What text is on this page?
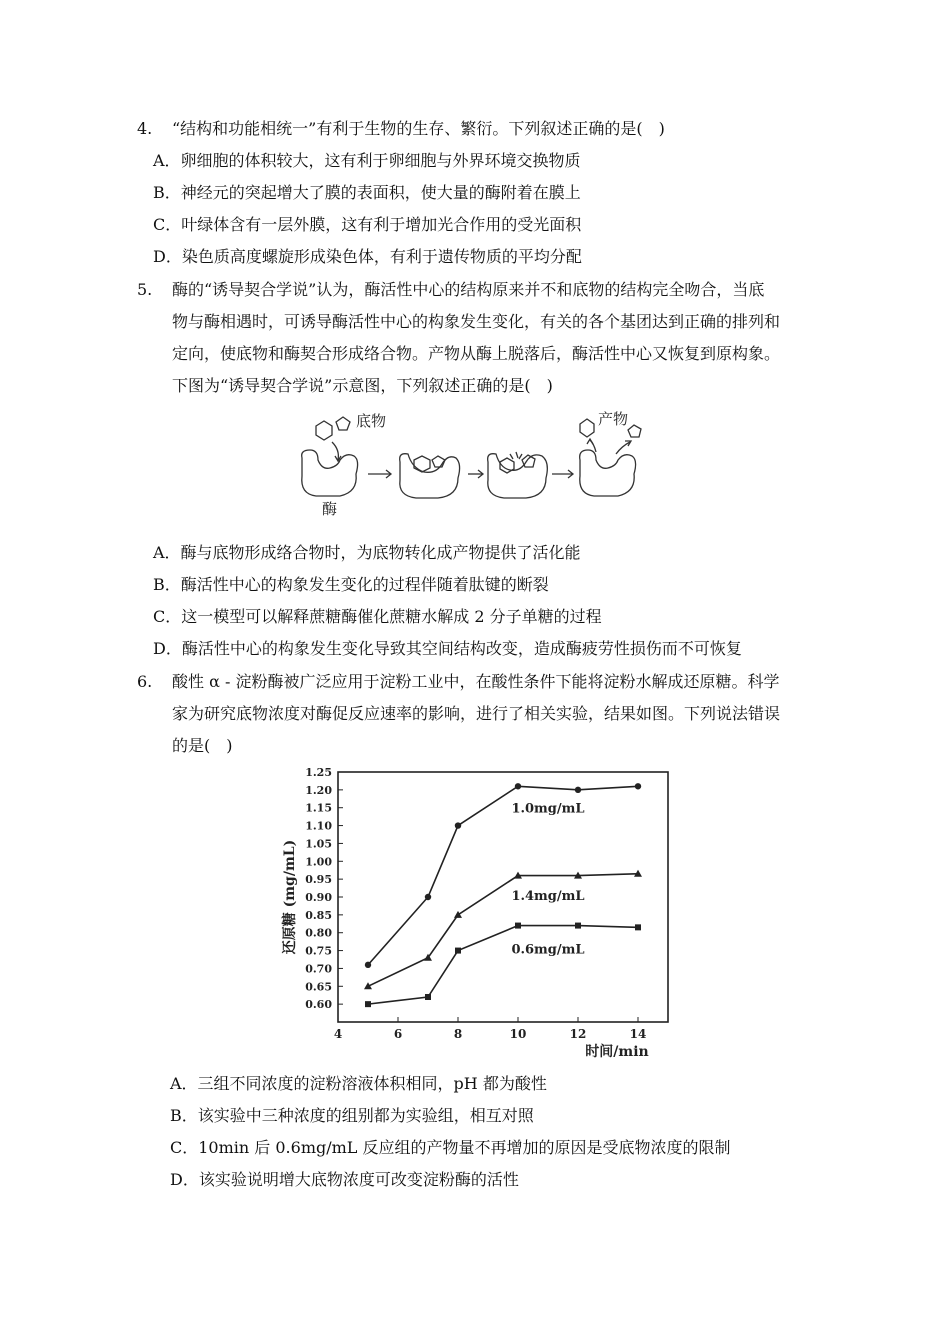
4. “结构和功能相统一”有利于生物的生存、繁衍。下列叙述正确的是(　)
A．卵细胞的体积较大，这有利于卵细胞与外界环境交换物质
B．神经元的突起增大了膜的表面积，使大量的酶附着在膜上
C．叶绿体含有一层外膜，这有利于增加光合作用的受光面积
D．染色质高度螺旋形成染色体，有利于遗传物质的平均分配
5. 酶的“诱导契合学说”认为，酶活性中心的结构原来并不和底物的结构完全吻合，当底
物与酶相遇时，可诱导酶活性中心的构象发生变化，有关的各个基团达到正确的排列和
定向，使底物和酶契合形成络合物。产物从酶上脱落后，酶活性中心又恢复到原构象。
下图为“诱导契合学说”示意图，下列叙述正确的是(　)
底物	产物
酶
A．酶与底物形成络合物时，为底物转化成产物提供了活化能
B．酶活性中心的构象发生变化的过程伴随着肽键的断裂
C．这一模型可以解释蔗糖酶催化蔗糖水解成 2 分子单糖的过程
D．酶活性中心的构象发生变化导致其空间结构改变，造成酶疲劳性损伤而不可恢复
6. 酸性 α - 淀粉酶被广泛应用于淀粉工业中，在酸性条件下能将淀粉水解成还原糖。科学
家为研究底物浓度对酶促反应速率的影响，进行了相关实验，结果如图。下列说法错误
的是(　)
0.60
0.65
0.70
0.75
0.80
0.85
0.90
0.95
1.00
1.05
1.10
1.15
1.20
1.25
4	6	8	10	12	14
时间/min
还原糖 (mg/mL)
1.0mg/mL
1.4mg/mL
0.6mg/mL
A．三组不同浓度的淀粉溶液体积相同，pH 都为酸性
B．该实验中三种浓度的组别都为实验组，相互对照
C．10min 后 0.6mg/mL 反应组的产物量不再增加的原因是受底物浓度的限制
D．该实验说明增大底物浓度可改变淀粉酶的活性
